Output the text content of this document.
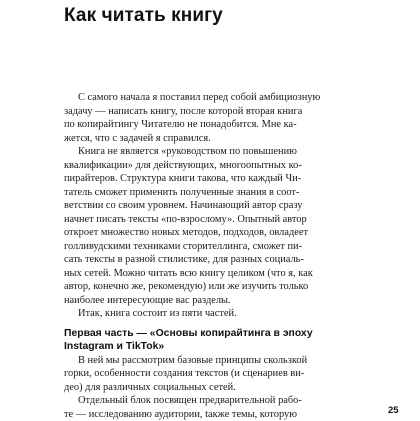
Как читать книгу

С самого начала я поставил перед собой амбициозную
задачу — написать книгу, после которой вторая книга
по копирайтингу Читателю не понадобится. Мне ка-
жется, что с задачей я справился.

Книга не является «руководством по повышению
квалификации» для действующих, многоопытных ко-
пирайтеров. Структура книги такова, что каждый Чи-
татель сможет применить полученные знания в соот-
ветствии со своим уровнем. Начинающий автор сразу
начнет писать тексты «по-взрослому». Опытный автор
откроет множество новых методов, подходов, овладеет
голливудскими техниками сторителлинга, сможет пи-
сать тексты в разной стилистике, для разных социаль-
ных сетей. Можно читать всю книгу целиком (что я, как
автор, конечно же, рекомендую) или же изучить только
наиболее интересующие вас разделы.

Итак, книга состоит из пяти частей.

Первая часть — «Основы копирайтинга в эпоху
Instagram и TikTok»

В ней мы рассмотрим базовые принципы скользкой
горки, особенности создания текстов (и сценариев ви-
део) для различных социальных сетей.

Отдельный блок посвящен предварительной рабо-
те — исследованию аудитории, taкже темы, которую	25
